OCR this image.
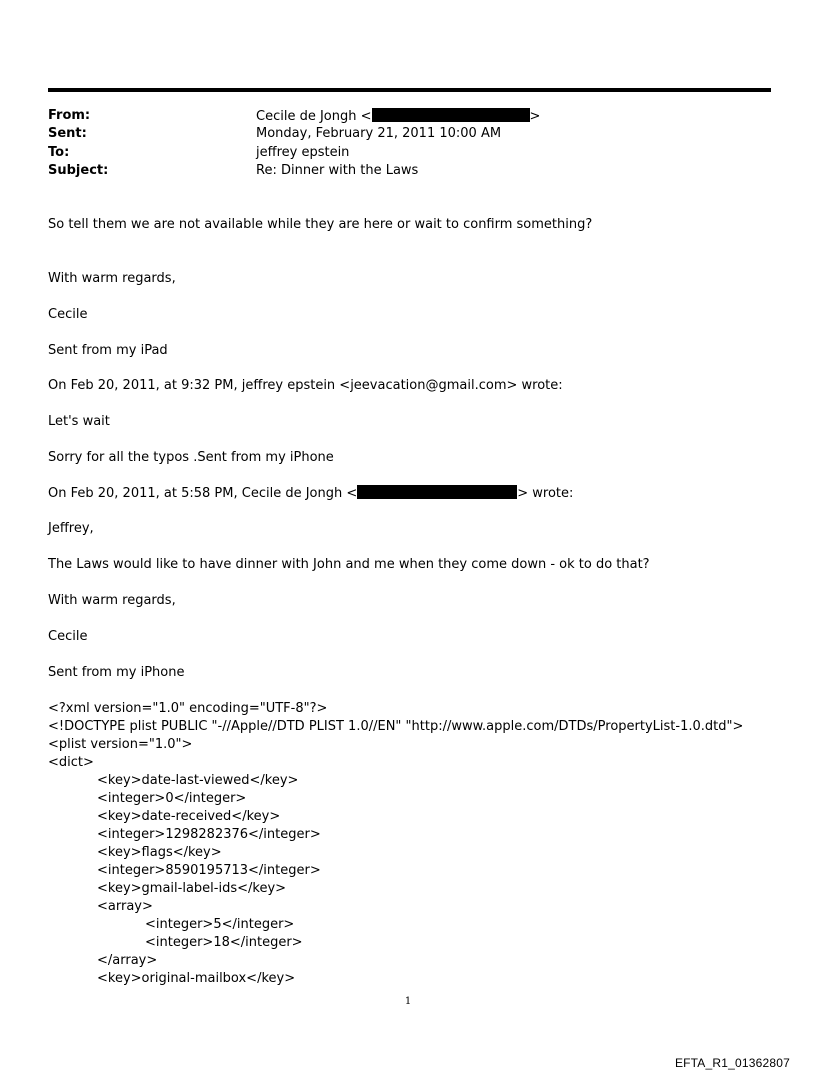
From:	Cecile de Jongh <	>
Sent:	Monday, February 21, 2011 10:00 AM
To:	jeffrey epstein
Subject:	Re: Dinner with the Laws
So tell them we are not available while they are here or wait to confirm something?
With warm regards,
Cecile
Sent from my iPad
On Feb 20, 2011, at 9:32 PM, jeffrey epstein <jeevacation@gmail.com> wrote:
Let's wait
Sorry for all the typos .Sent from my iPhone
On Feb 20, 2011, at 5:58 PM, Cecile de Jongh <	> wrote:
Jeffrey,
The Laws would like to have dinner with John and me when they come down - ok to do that?
With warm regards,
Cecile
Sent from my iPhone
<?xml version="1.0" encoding="UTF-8"?>
<!DOCTYPE plist PUBLIC "-//Apple//DTD PLIST 1.0//EN" "http://www.apple.com/DTDs/PropertyList-1.0.dtd">
<plist version="1.0">
<dict>
<key>date-last-viewed</key>
<integer>0</integer>
<key>date-received</key>
<integer>1298282376</integer>
<key>flags</key>
<integer>8590195713</integer>
<key>gmail-label-ids</key>
<array>
<integer>5</integer>
<integer>18</integer>
</array>
<key>original-mailbox</key>
1
EFTA_R1_01362807
